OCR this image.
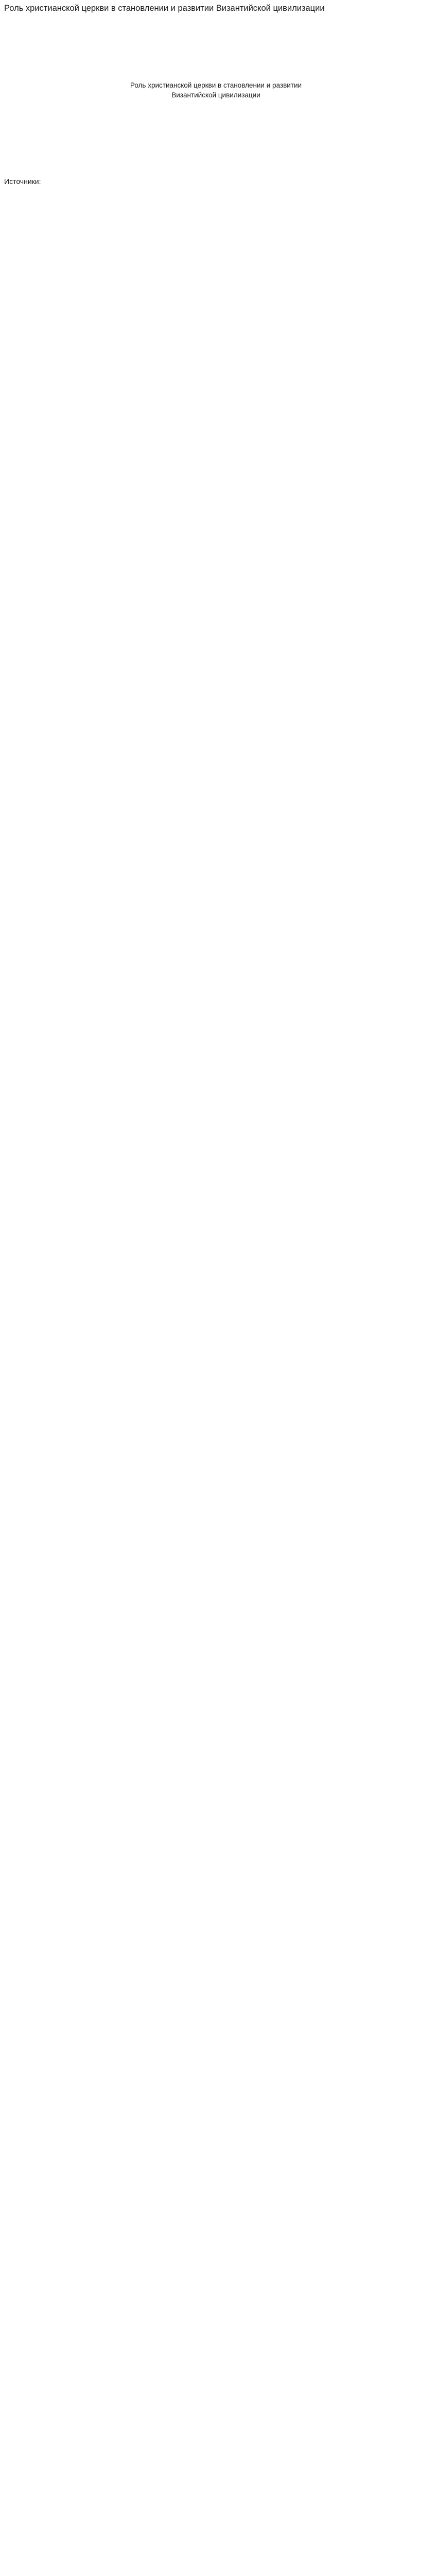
Роль христианской церкви в становлении и развитии Византийской цивилизации
Роль христианской церкви в становлении и развитии Византийской цивилизации

Источники:
